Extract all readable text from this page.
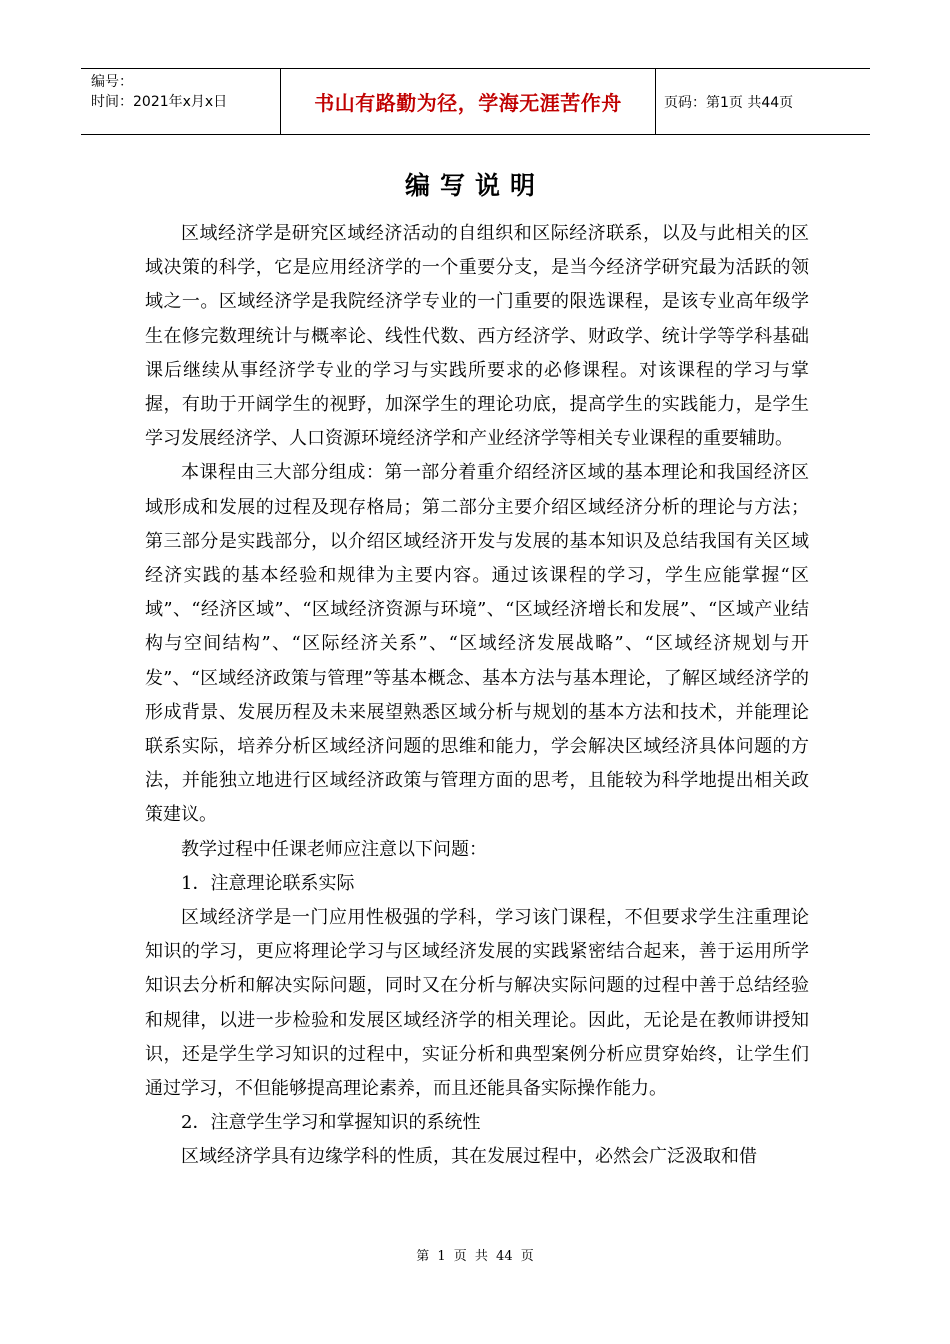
编号：
时间：2021年x月x日	书山有路勤为径，学海无涯苦作舟	页码：第1页 共44页
编写说明

区域经济学是研究区域经济活动的自组织和区际经济联系，以及与此相关的区域决策的科学，它是应用经济学的一个重要分支，是当今经济学研究最为活跃的领域之一。区域经济学是我院经济学专业的一门重要的限选课程，是该专业高年级学生在修完数理统计与概率论、线性代数、西方经济学、财政学、统计学等学科基础课后继续从事经济学专业的学习与实践所要求的必修课程。对该课程的学习与掌握，有助于开阔学生的视野，加深学生的理论功底，提高学生的实践能力，是学生学习发展经济学、人口资源环境经济学和产业经济学等相关专业课程的重要辅助。

本课程由三大部分组成：第一部分着重介绍经济区域的基本理论和我国经济区域形成和发展的过程及现存格局；第二部分主要介绍区域经济分析的理论与方法；第三部分是实践部分，以介绍区域经济开发与发展的基本知识及总结我国有关区域经济实践的基本经验和规律为主要内容。通过该课程的学习，学生应能掌握“区域”、“经济区域”、“区域经济资源与环境”、“区域经济增长和发展”、“区域产业结构与空间结构”、“区际经济关系”、“区域经济发展战略”、“区域经济规划与开发”、“区域经济政策与管理”等基本概念、基本方法与基本理论，了解区域经济学的形成背景、发展历程及未来展望熟悉区域分析与规划的基本方法和技术，并能理论联系实际，培养分析区域经济问题的思维和能力，学会解决区域经济具体问题的方法，并能独立地进行区域经济政策与管理方面的思考，且能较为科学地提出相关政策建议。

教学过程中任课老师应注意以下问题：

1．注意理论联系实际

区域经济学是一门应用性极强的学科，学习该门课程，不但要求学生注重理论知识的学习，更应将理论学习与区域经济发展的实践紧密结合起来，善于运用所学知识去分析和解决实际问题，同时又在分析与解决实际问题的过程中善于总结经验和规律，以进一步检验和发展区域经济学的相关理论。因此，无论是在教师讲授知识，还是学生学习知识的过程中，实证分析和典型案例分析应贯穿始终，让学生们通过学习，不但能够提高理论素养，而且还能具备实际操作能力。

2．注意学生学习和掌握知识的系统性

区域经济学具有边缘学科的性质，其在发展过程中，必然会广泛汲取和借

第 1 页 共 44 页
